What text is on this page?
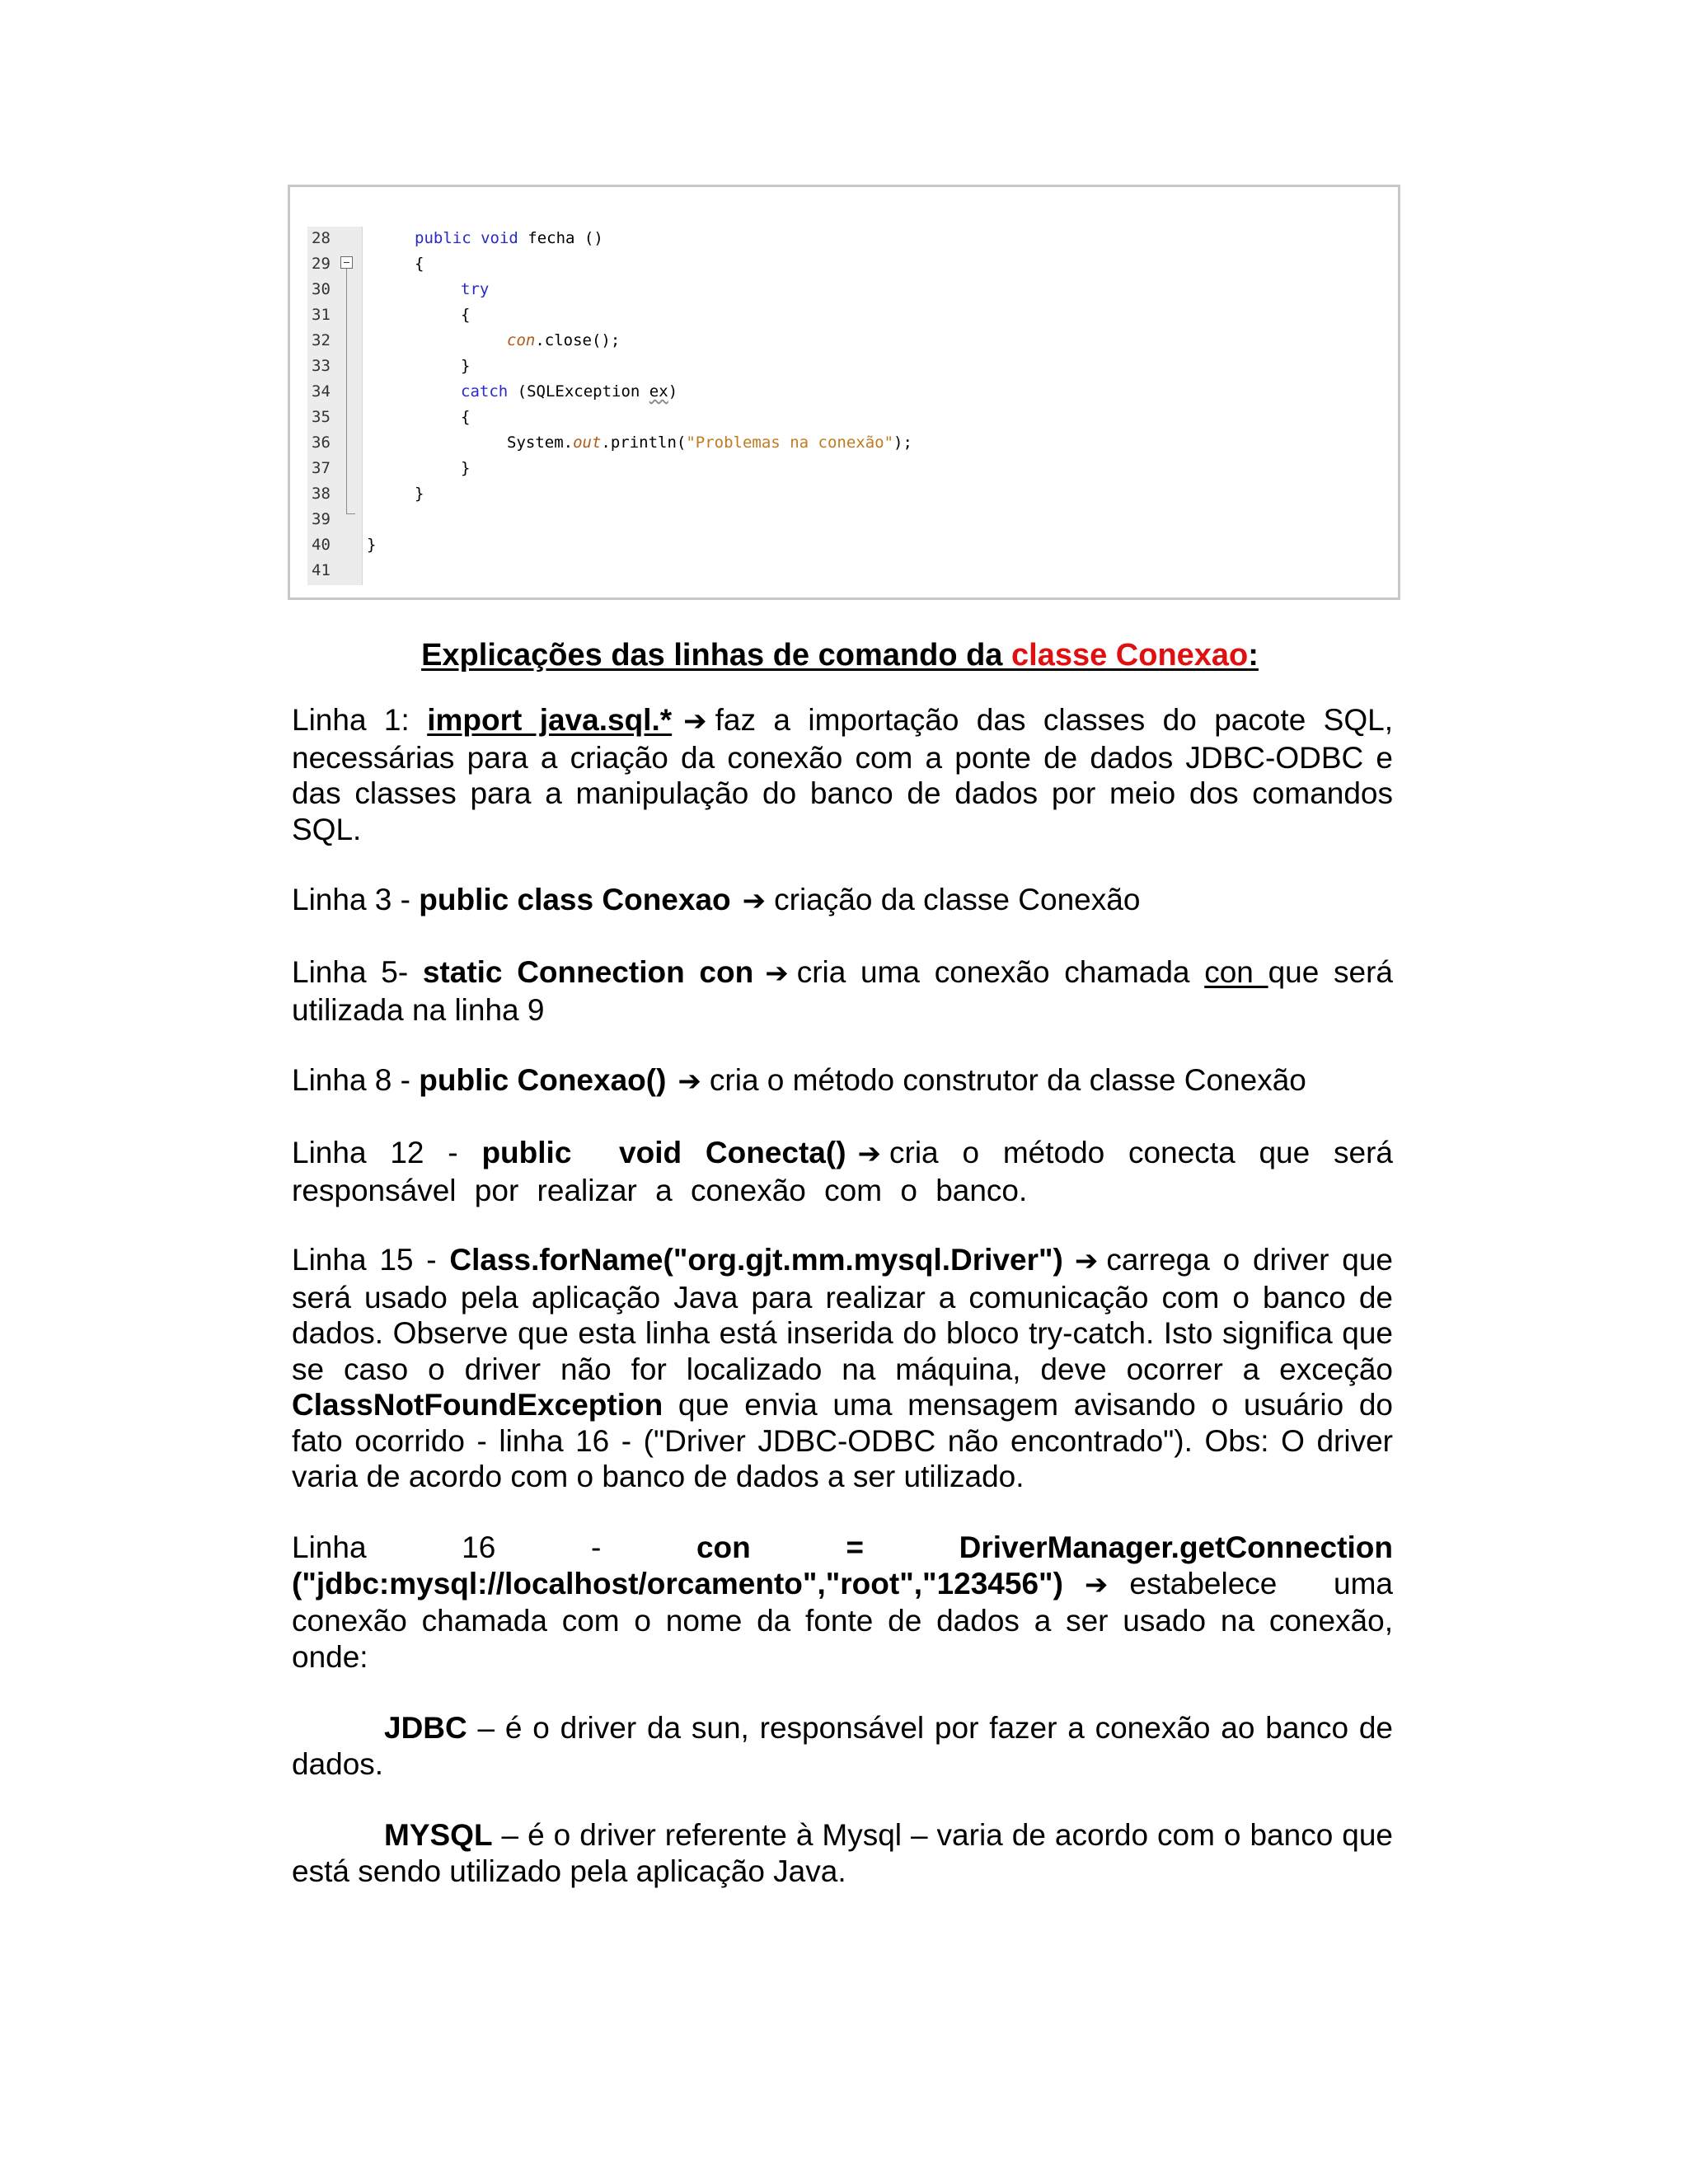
28	public void fecha ()
29	{
30	try
31	{
32	con.close();
33	}
34	catch (SQLException ex)
35	{
36	System.out.println("Problemas na conexão");
37	}
38	}
39
40	}
41
Explicações das linhas de comando da classe Conexao:
Linha 1: import java.sql.* ➔ faz a importação das classes do pacote SQL, necessárias para a criação da conexão com a ponte de dados JDBC-ODBC e das classes para a manipulação do banco de dados por meio dos comandos SQL.
Linha 3 - public class Conexao ➔ criação da classe Conexão
Linha 5- static Connection con ➔ cria uma conexão chamada con que será utilizada na linha 9
Linha 8 - public Conexao() ➔ cria o método construtor da classe Conexão
Linha 12 - public  void Conecta() ➔ cria o método conecta que será responsável por realizar a conexão com o banco.
Linha 15 - Class.forName("org.gjt.mm.mysql.Driver") ➔ carrega o driver que será usado pela aplicação Java para realizar a comunicação com o banco de dados. Observe que esta linha está inserida do bloco try-catch. Isto significa que se caso o driver não for localizado na máquina, deve ocorrer a exceção ClassNotFoundException que envia uma mensagem avisando o usuário do fato ocorrido - linha 16 - ("Driver JDBC-ODBC não encontrado"). Obs: O driver varia de acordo com o banco de dados a ser utilizado.
Linha	16	-	con	=	DriverManager.getConnection
("jdbc:mysql://localhost/orcamento","root","123456") ➔ estabelece uma conexão chamada com o nome da fonte de dados a ser usado na conexão, onde:
JDBC – é o driver da sun, responsável por fazer a conexão ao banco de dados.
MYSQL – é o driver referente à Mysql – varia de acordo com o banco que está sendo utilizado pela aplicação Java.
